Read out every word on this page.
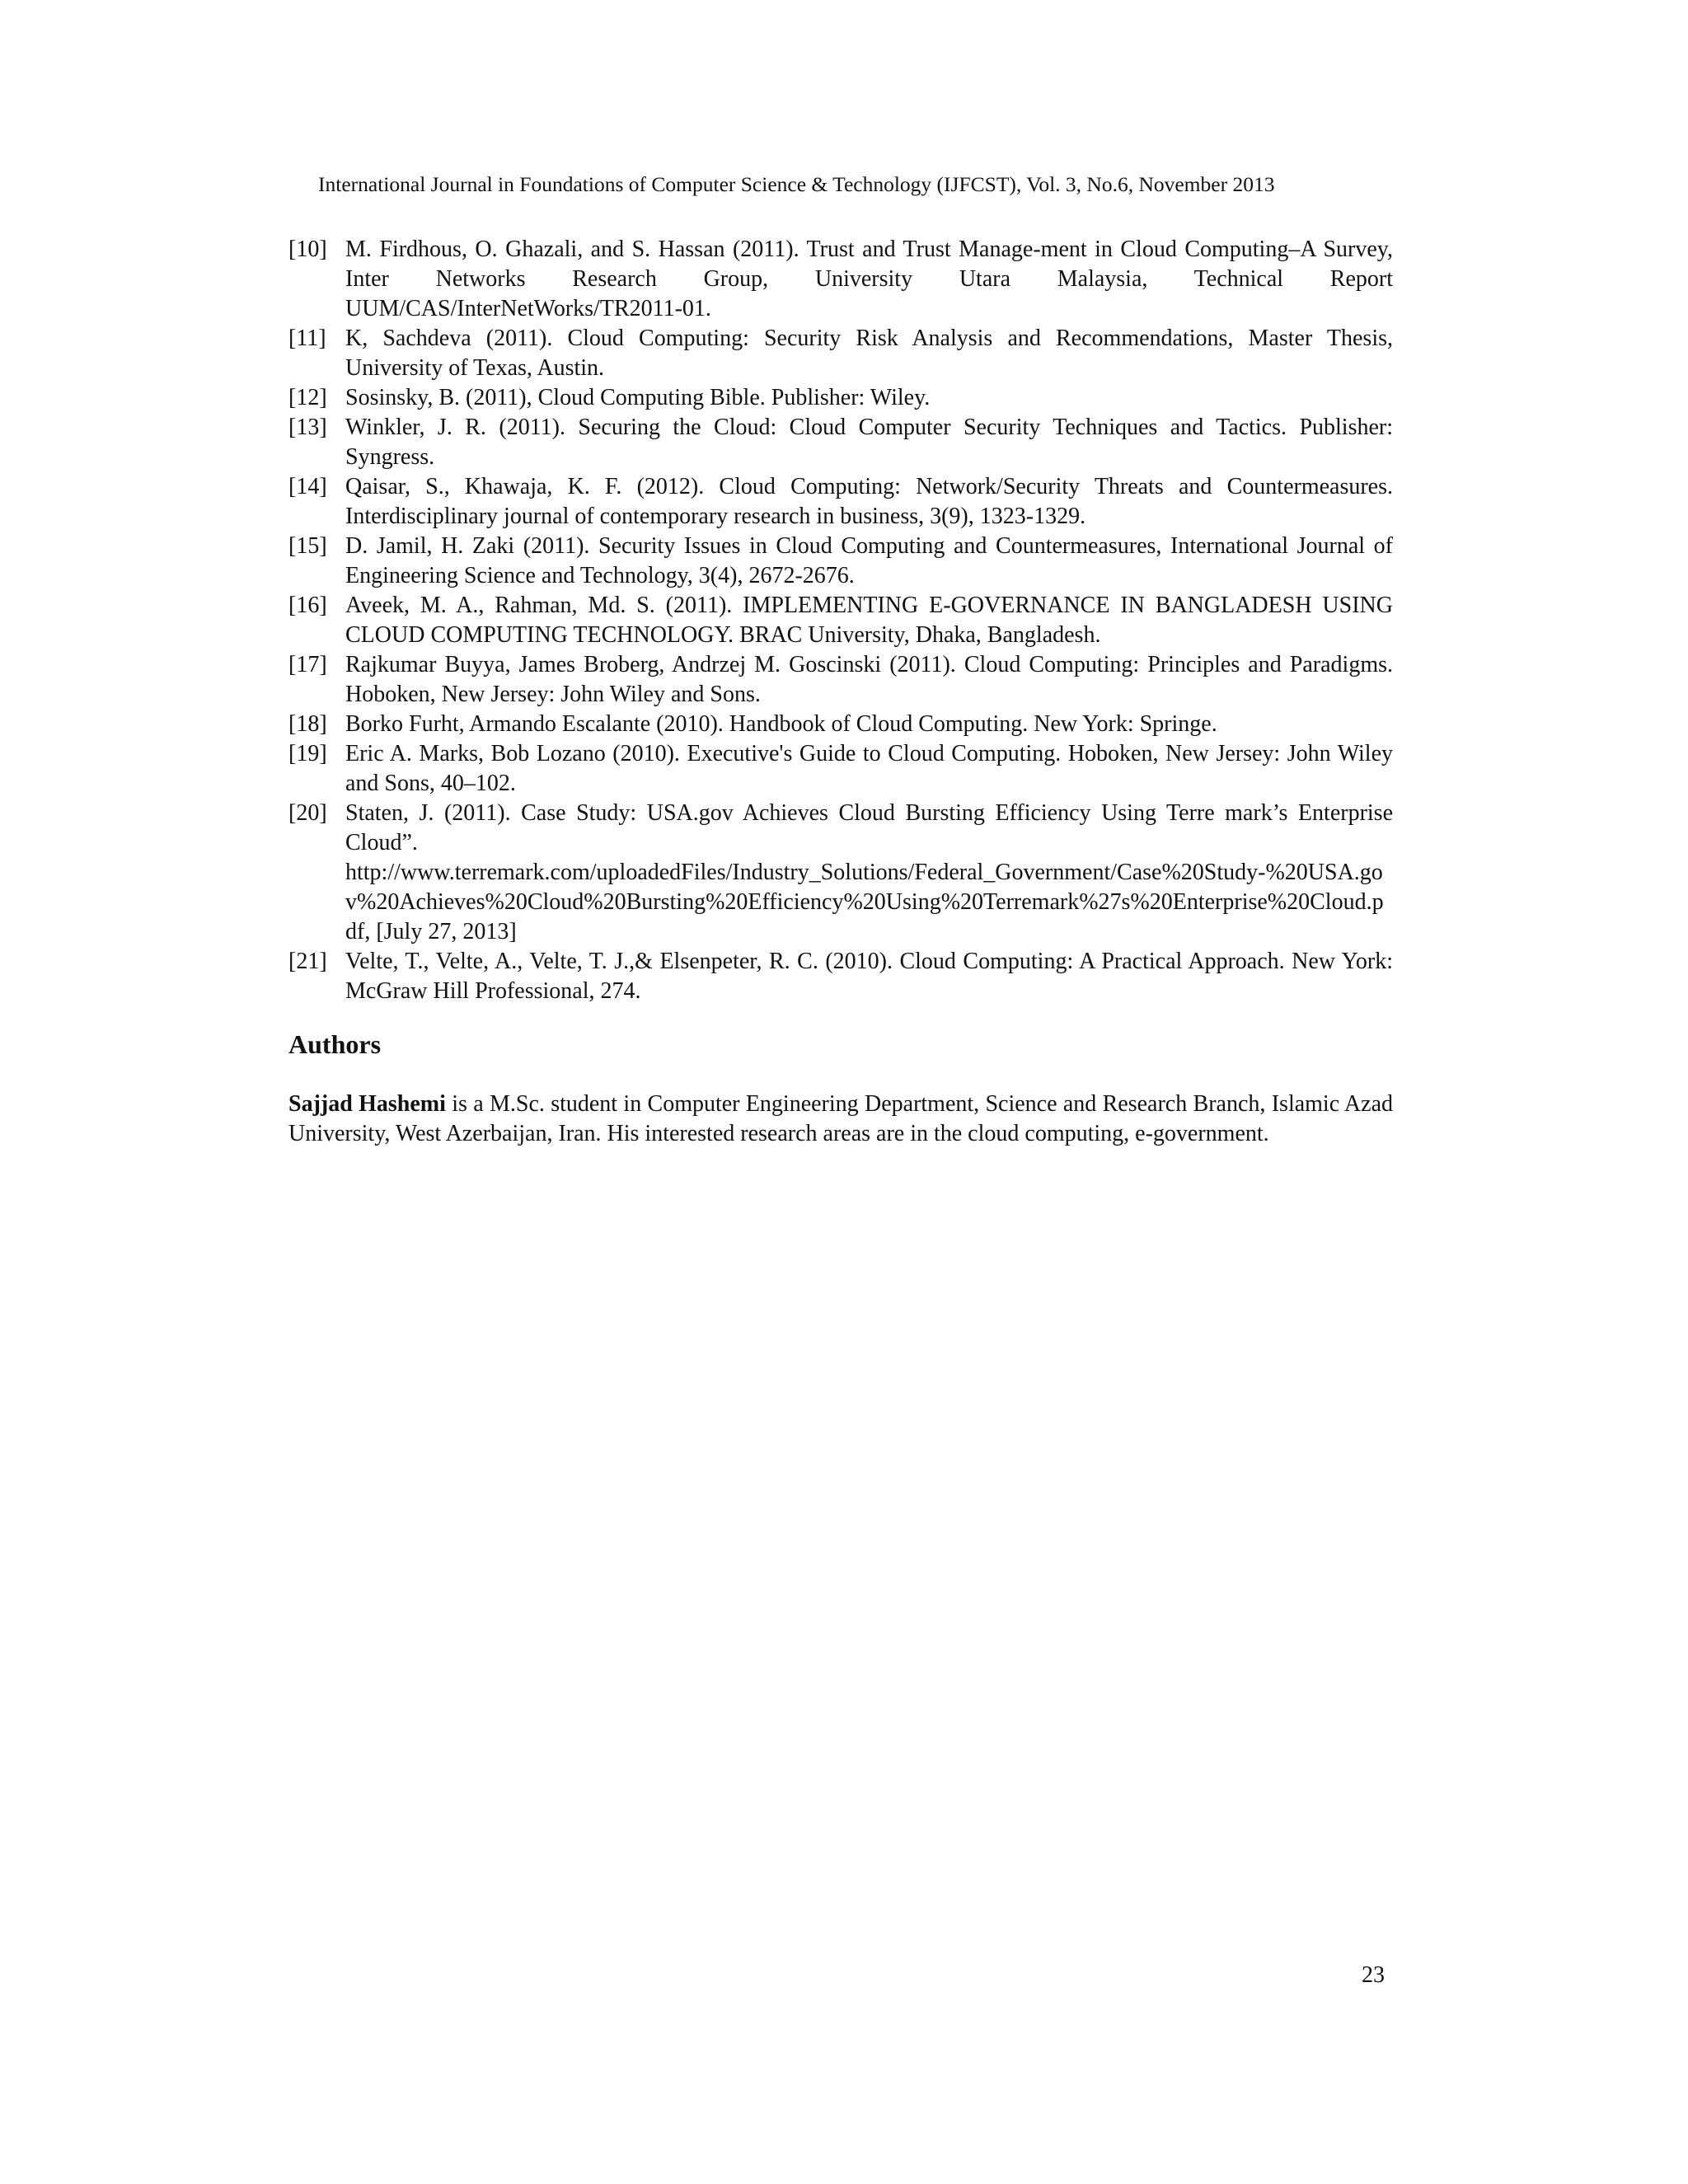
International Journal in Foundations of Computer Science & Technology (IJFCST), Vol. 3, No.6, November 2013
[10] M. Firdhous, O. Ghazali, and S. Hassan (2011). Trust and Trust Manage-ment in Cloud Computing–A Survey, Inter Networks Research Group, University Utara Malaysia, Technical Report UUM/CAS/InterNetWorks/TR2011-01.
[11] K, Sachdeva (2011). Cloud Computing: Security Risk Analysis and Recommendations, Master Thesis, University of Texas, Austin.
[12] Sosinsky, B. (2011), Cloud Computing Bible. Publisher: Wiley.
[13] Winkler, J. R. (2011). Securing the Cloud: Cloud Computer Security Techniques and Tactics. Publisher: Syngress.
[14] Qaisar, S., Khawaja, K. F. (2012). Cloud Computing: Network/Security Threats and Countermeasures. Interdisciplinary journal of contemporary research in business, 3(9), 1323-1329.
[15] D. Jamil, H. Zaki (2011). Security Issues in Cloud Computing and Countermeasures, International Journal of Engineering Science and Technology, 3(4), 2672-2676.
[16] Aveek, M. A., Rahman, Md. S. (2011). IMPLEMENTING E-GOVERNANCE IN BANGLADESH USING CLOUD COMPUTING TECHNOLOGY. BRAC University, Dhaka, Bangladesh.
[17] Rajkumar Buyya, James Broberg, Andrzej M. Goscinski (2011). Cloud Computing: Principles and Paradigms. Hoboken, New Jersey: John Wiley and Sons.
[18] Borko Furht, Armando Escalante (2010). Handbook of Cloud Computing. New York: Springe.
[19] Eric A. Marks, Bob Lozano (2010). Executive's Guide to Cloud Computing. Hoboken, New Jersey: John Wiley and Sons, 40–102.
[20] Staten, J. (2011). Case Study: USA.gov Achieves Cloud Bursting Efficiency Using Terre mark’s Enterprise Cloud”.
http://www.terremark.com/uploadedFiles/Industry_Solutions/Federal_Government/Case%20Study-%20USA.gov%20Achieves%20Cloud%20Bursting%20Efficiency%20Using%20Terremark%27s%20Enterprise%20Cloud.pdf, [July 27, 2013]
[21] Velte, T., Velte, A., Velte, T. J.,& Elsenpeter, R. C. (2010). Cloud Computing: A Practical Approach. New York: McGraw Hill Professional, 274.
Authors

Sajjad Hashemi is a M.Sc. student in Computer Engineering Department, Science and Research Branch, Islamic Azad University, West Azerbaijan, Iran. His interested research areas are in the cloud computing, e-government.

23
